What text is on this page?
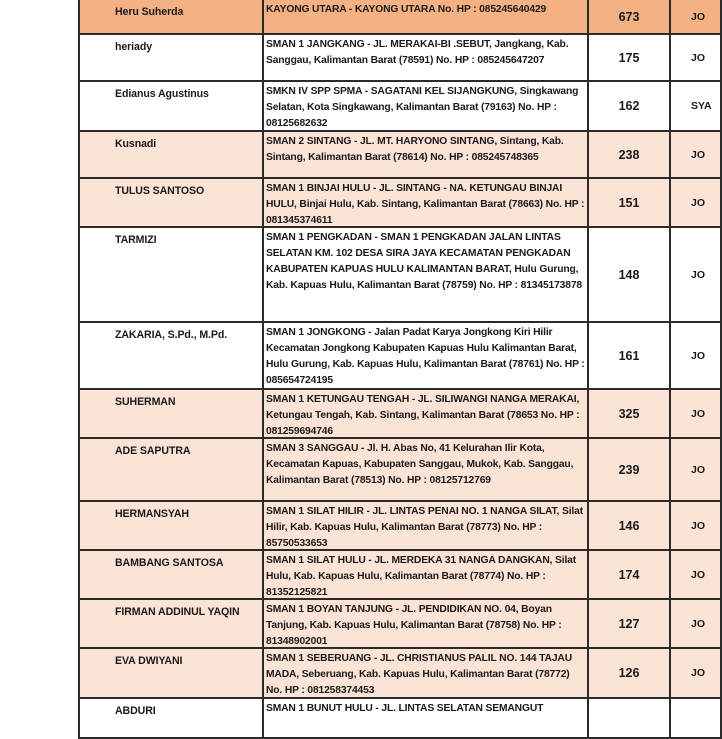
Heru Suherda	KAYONG UTARA - KAYONG UTARA No. HP : 085245640429	673	JO
heriady	SMAN 1 JANGKANG - JL. MERAKAI-BI .SEBUT, Jangkang, Kab. Sanggau, Kalimantan Barat (78591) No. HP : 085245647207	175	JO
Edianus Agustinus	SMKN IV SPP SPMA - SAGATANI KEL SIJANGKUNG, Singkawang Selatan, Kota Singkawang, Kalimantan Barat (79163) No. HP : 08125682632	162	SYA
Kusnadi	SMAN 2 SINTANG - JL. MT. HARYONO SINTANG, Sintang, Kab. Sintang, Kalimantan Barat (78614) No. HP : 085245748365	238	JO
TULUS SANTOSO	SMAN 1 BINJAI HULU - JL. SINTANG - NA. KETUNGAU BINJAI HULU, Binjai Hulu, Kab. Sintang, Kalimantan Barat (78663) No. HP : 081345374611	151	JO
TARMIZI	SMAN 1 PENGKADAN - SMAN 1 PENGKADAN JALAN LINTAS SELATAN KM. 102 DESA SIRA JAYA KECAMATAN PENGKADAN KABUPATEN KAPUAS HULU KALIMANTAN BARAT, Hulu Gurung, Kab. Kapuas Hulu, Kalimantan Barat (78759) No. HP : 81345173878	148	JO
ZAKARIA, S.Pd., M.Pd.	SMAN 1 JONGKONG - Jalan Padat Karya Jongkong Kiri Hilir Kecamatan Jongkong Kabupaten Kapuas Hulu Kalimantan Barat, Hulu Gurung, Kab. Kapuas Hulu, Kalimantan Barat (78761) No. HP : 085654724195	161	JO
SUHERMAN	SMAN 1 KETUNGAU TENGAH - JL. SILIWANGI NANGA MERAKAI, Ketungau Tengah, Kab. Sintang, Kalimantan Barat (78653 No. HP : 081259694746	325	JO
ADE SAPUTRA	SMAN 3 SANGGAU - Jl. H. Abas No, 41 Kelurahan Ilir Kota, Kecamatan Kapuas, Kabupaten Sanggau, Mukok, Kab. Sanggau, Kalimantan Barat (78513) No. HP : 08125712769	239	JO
HERMANSYAH	SMAN 1 SILAT HILIR - JL. LINTAS PENAI NO. 1 NANGA SILAT, Silat Hilir, Kab. Kapuas Hulu, Kalimantan Barat (78773) No. HP : 85750533653	146	JO
BAMBANG SANTOSA	SMAN 1 SILAT HULU - JL. MERDEKA 31 NANGA DANGKAN, Silat Hulu, Kab. Kapuas Hulu, Kalimantan Barat (78774) No. HP : 81352125821	174	JO
FIRMAN ADDINUL YAQIN	SMAN 1 BOYAN TANJUNG - JL. PENDIDIKAN NO. 04, Boyan Tanjung, Kab. Kapuas Hulu, Kalimantan Barat (78758) No. HP : 81348902001	127	JO
EVA DWIYANI	SMAN 1 SEBERUANG - JL. CHRISTIANUS PALIL NO. 144 TAJAU MADA, Seberuang, Kab. Kapuas Hulu, Kalimantan Barat (78772) No. HP : 081258374453	126	JO
ABDURI	SMAN 1 BUNUT HULU - JL. LINTAS SELATAN SEMANGUT		
